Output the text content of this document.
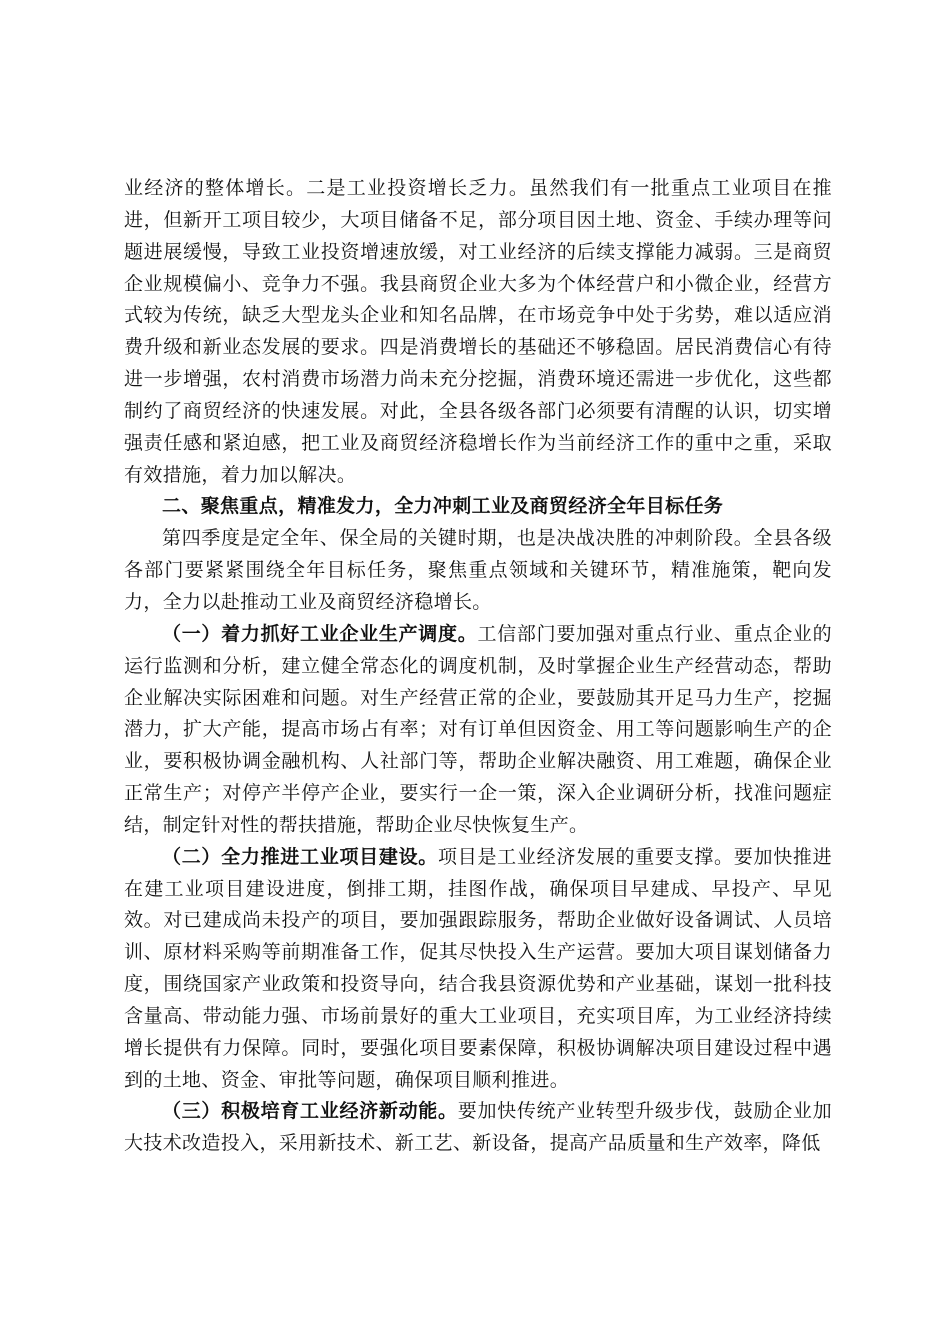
业经济的整体增长。二是工业投资增长乏力。虽然我们有一批重点工业项目在推进，但新开工项目较少，大项目储备不足，部分项目因土地、资金、手续办理等问题进展缓慢，导致工业投资增速放缓，对工业经济的后续支撑能力减弱。三是商贸企业规模偏小、竞争力不强。我县商贸企业大多为个体经营户和小微企业，经营方式较为传统，缺乏大型龙头企业和知名品牌，在市场竞争中处于劣势，难以适应消费升级和新业态发展的要求。四是消费增长的基础还不够稳固。居民消费信心有待进一步增强，农村消费市场潜力尚未充分挖掘，消费环境还需进一步优化，这些都制约了商贸经济的快速发展。对此，全县各级各部门必须要有清醒的认识，切实增强责任感和紧迫感，把工业及商贸经济稳增长作为当前经济工作的重中之重，采取有效措施，着力加以解决。

二、聚焦重点，精准发力，全力冲刺工业及商贸经济全年目标任务

第四季度是定全年、保全局的关键时期，也是决战决胜的冲刺阶段。全县各级各部门要紧紧围绕全年目标任务，聚焦重点领域和关键环节，精准施策，靶向发力，全力以赴推动工业及商贸经济稳增长。

（一）着力抓好工业企业生产调度。工信部门要加强对重点行业、重点企业的运行监测和分析，建立健全常态化的调度机制，及时掌握企业生产经营动态，帮助企业解决实际困难和问题。对生产经营正常的企业，要鼓励其开足马力生产，挖掘潜力，扩大产能，提高市场占有率；对有订单但因资金、用工等问题影响生产的企业，要积极协调金融机构、人社部门等，帮助企业解决融资、用工难题，确保企业正常生产；对停产半停产企业，要实行一企一策，深入企业调研分析，找准问题症结，制定针对性的帮扶措施，帮助企业尽快恢复生产。

（二）全力推进工业项目建设。项目是工业经济发展的重要支撑。要加快推进在建工业项目建设进度，倒排工期，挂图作战，确保项目早建成、早投产、早见效。对已建成尚未投产的项目，要加强跟踪服务，帮助企业做好设备调试、人员培训、原材料采购等前期准备工作，促其尽快投入生产运营。要加大项目谋划储备力度，围绕国家产业政策和投资导向，结合我县资源优势和产业基础，谋划一批科技含量高、带动能力强、市场前景好的重大工业项目，充实项目库，为工业经济持续增长提供有力保障。同时，要强化项目要素保障，积极协调解决项目建设过程中遇到的土地、资金、审批等问题，确保项目顺利推进。

（三）积极培育工业经济新动能。要加快传统产业转型升级步伐，鼓励企业加大技术改造投入，采用新技术、新工艺、新设备，提高产品质量和生产效率，降低
